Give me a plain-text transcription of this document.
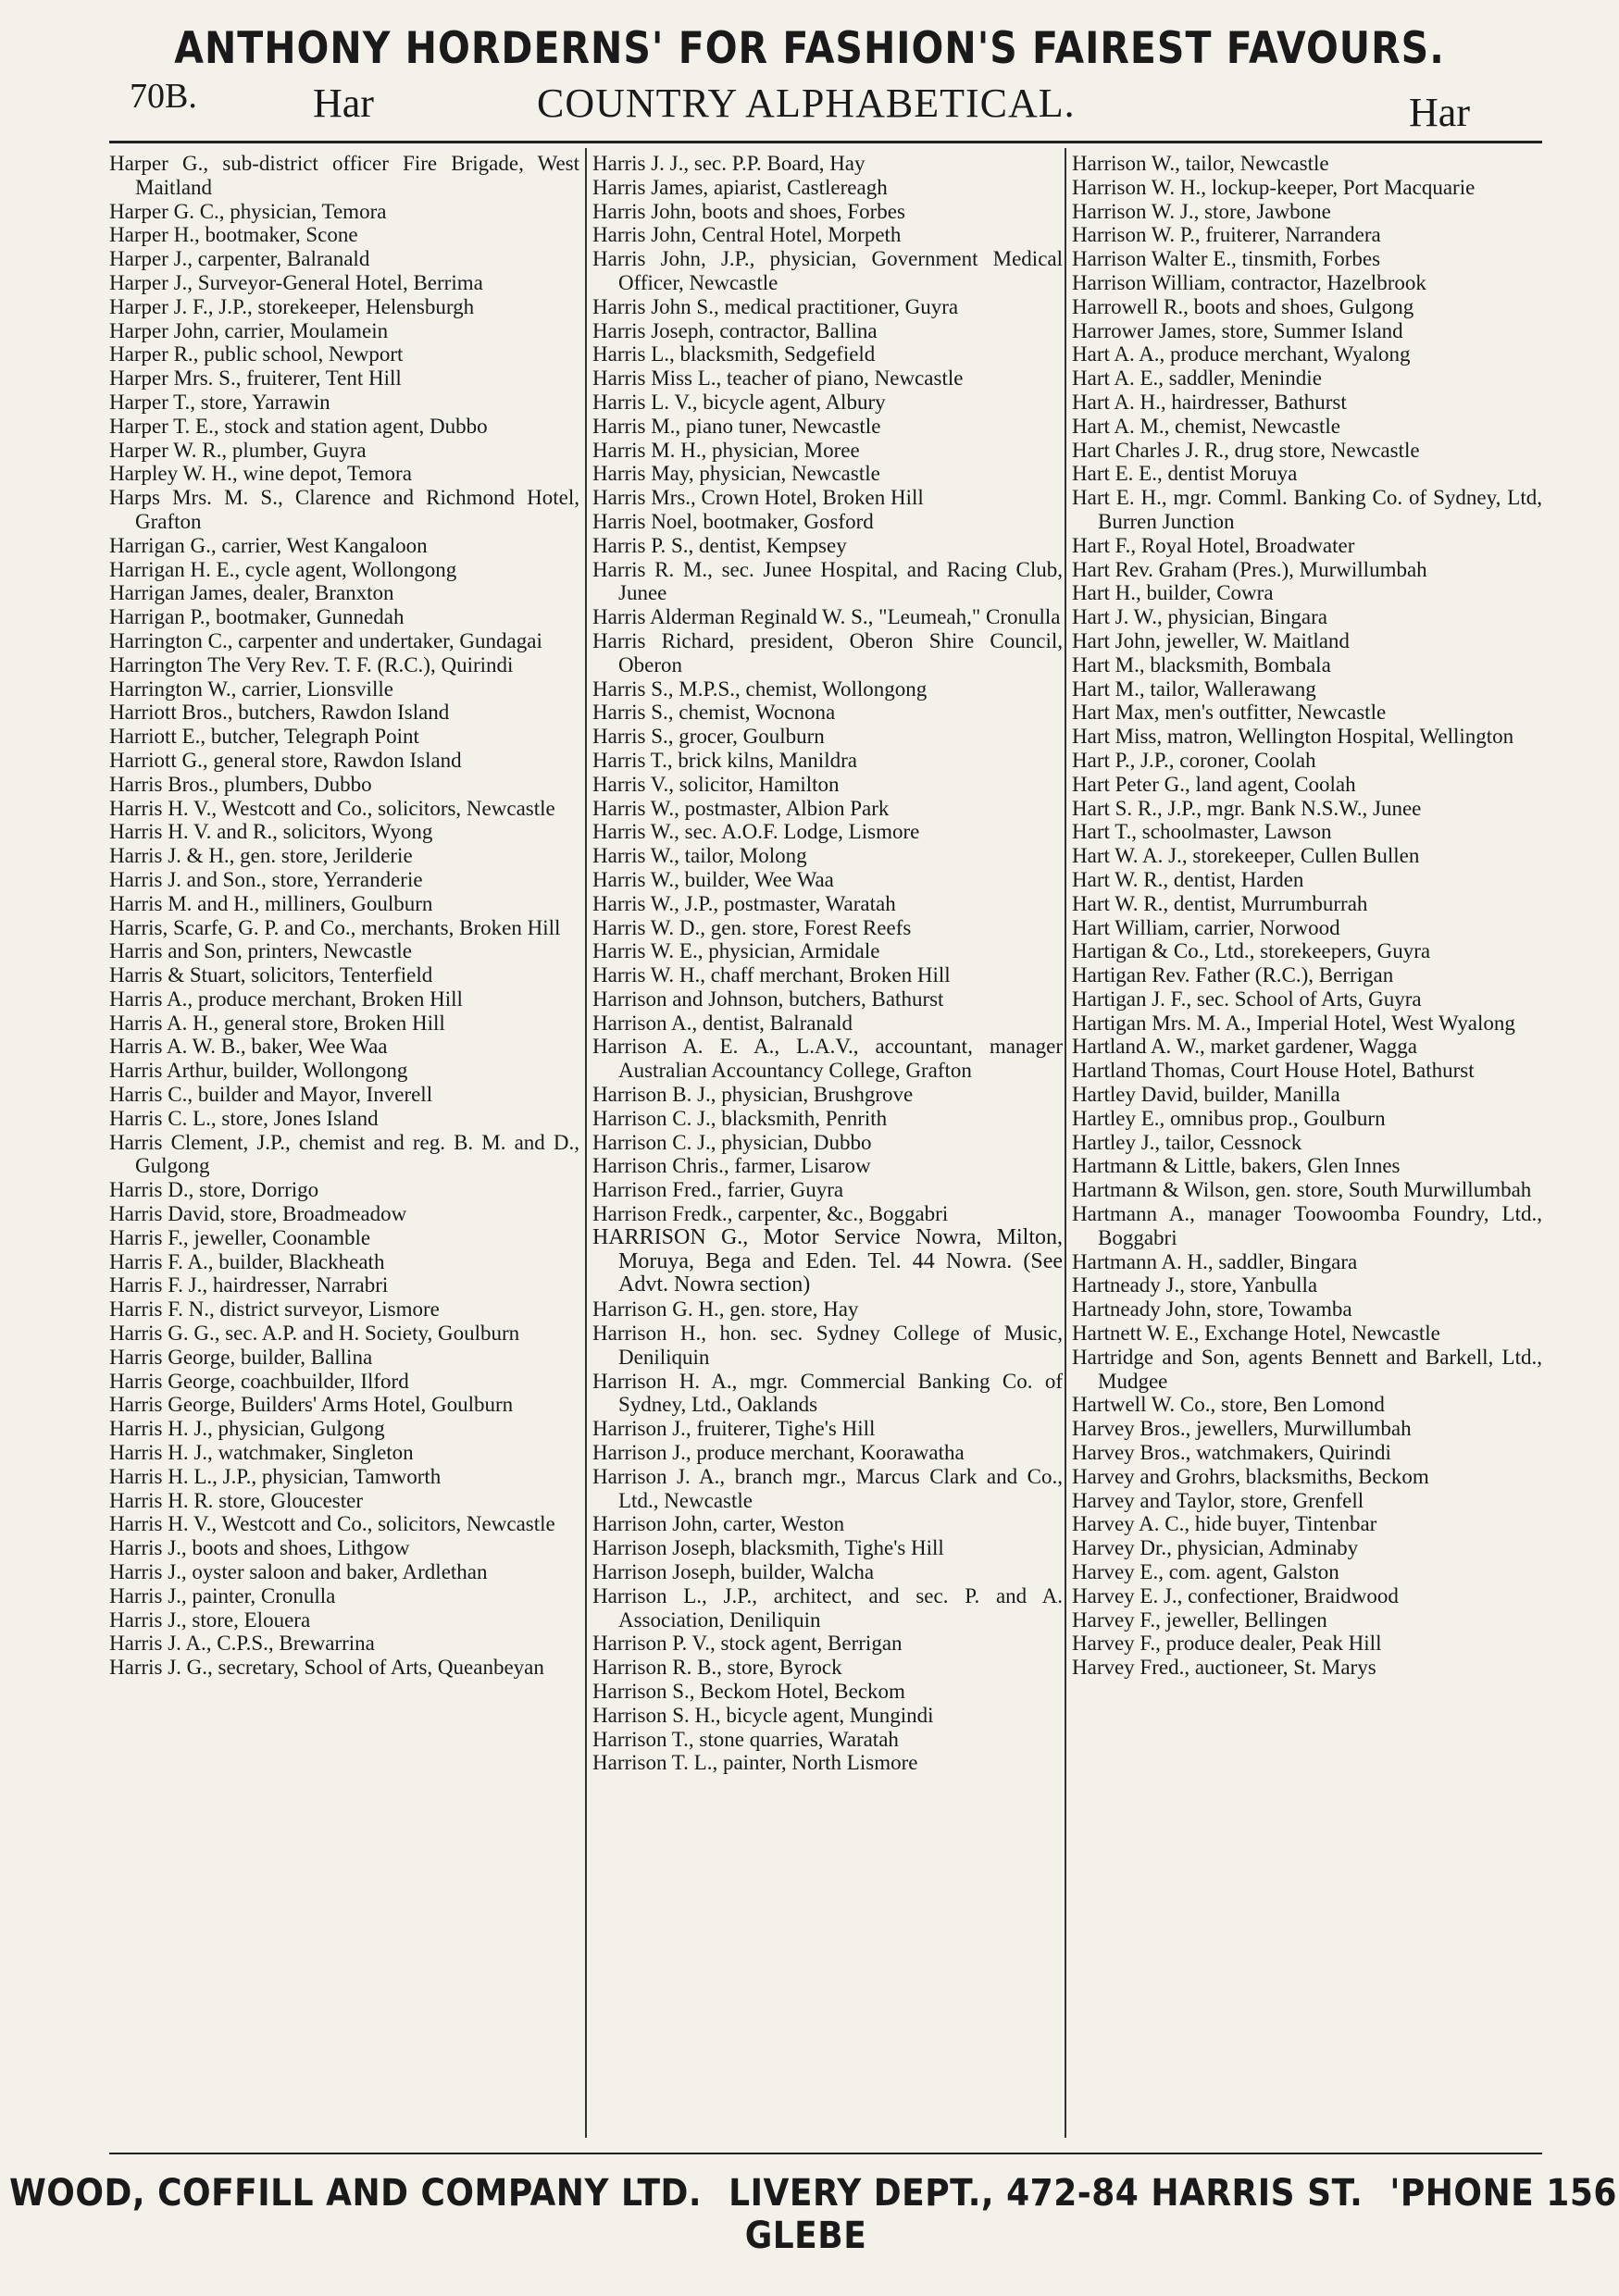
ANTHONY HORDERNS' FOR FASHION'S FAIREST FAVOURS.
70B.	Har	COUNTRY ALPHABETICAL.	Har

Harper G., sub-district officer Fire Brigade, West Maitland

Harper G. C., physician, Temora

Harper H., bootmaker, Scone

Harper J., carpenter, Balranald

Harper J., Surveyor-General Hotel, Berrima

Harper J. F., J.P., storekeeper, Helensburgh

Harper John, carrier, Moulamein

Harper R., public school, Newport

Harper Mrs. S., fruiterer, Tent Hill

Harper T., store, Yarrawin

Harper T. E., stock and station agent, Dubbo

Harper W. R., plumber, Guyra

Harpley W. H., wine depot, Temora

Harps Mrs. M. S., Clarence and Richmond Hotel, Grafton

Harrigan G., carrier, West Kangaloon

Harrigan H. E., cycle agent, Wollongong

Harrigan James, dealer, Branxton

Harrigan P., bootmaker, Gunnedah

Harrington C., carpenter and undertaker, Gundagai

Harrington The Very Rev. T. F. (R.C.), Quirindi

Harrington W., carrier, Lionsville

Harriott Bros., butchers, Rawdon Island

Harriott E., butcher, Telegraph Point

Harriott G., general store, Rawdon Island

Harris Bros., plumbers, Dubbo

Harris H. V., Westcott and Co., solicitors, Newcastle

Harris H. V. and R., solicitors, Wyong

Harris J. & H., gen. store, Jerilderie

Harris J. and Son., store, Yerranderie

Harris M. and H., milliners, Goulburn

Harris, Scarfe, G. P. and Co., merchants, Broken Hill

Harris and Son, printers, Newcastle

Harris & Stuart, solicitors, Tenterfield

Harris A., produce merchant, Broken Hill

Harris A. H., general store, Broken Hill

Harris A. W. B., baker, Wee Waa

Harris Arthur, builder, Wollongong

Harris C., builder and Mayor, Inverell

Harris C. L., store, Jones Island

Harris Clement, J.P., chemist and reg. B. M. and D., Gulgong

Harris D., store, Dorrigo

Harris David, store, Broadmeadow

Harris F., jeweller, Coonamble

Harris F. A., builder, Blackheath

Harris F. J., hairdresser, Narrabri

Harris F. N., district surveyor, Lismore

Harris G. G., sec. A.P. and H. Society, Goulburn

Harris George, builder, Ballina

Harris George, coachbuilder, Ilford

Harris George, Builders' Arms Hotel, Goulburn

Harris H. J., physician, Gulgong

Harris H. J., watchmaker, Singleton

Harris H. L., J.P., physician, Tamworth

Harris H. R. store, Gloucester

Harris H. V., Westcott and Co., solicitors, Newcastle

Harris J., boots and shoes, Lithgow

Harris J., oyster saloon and baker, Ardlethan

Harris J., painter, Cronulla

Harris J., store, Elouera

Harris J. A., C.P.S., Brewarrina

Harris J. G., secretary, School of Arts, Queanbeyan

Harris J. J., sec. P.P. Board, Hay

Harris James, apiarist, Castlereagh

Harris John, boots and shoes, Forbes

Harris John, Central Hotel, Morpeth

Harris John, J.P., physician, Government Medical Officer, Newcastle

Harris John S., medical practitioner, Guyra

Harris Joseph, contractor, Ballina

Harris L., blacksmith, Sedgefield

Harris Miss L., teacher of piano, Newcastle

Harris L. V., bicycle agent, Albury

Harris M., piano tuner, Newcastle

Harris M. H., physician, Moree

Harris May, physician, Newcastle

Harris Mrs., Crown Hotel, Broken Hill

Harris Noel, bootmaker, Gosford

Harris P. S., dentist, Kempsey

Harris R. M., sec. Junee Hospital, and Racing Club, Junee

Harris Alderman Reginald W. S., "Leumeah," Cronulla

Harris Richard, president, Oberon Shire Council, Oberon

Harris S., M.P.S., chemist, Wollongong

Harris S., chemist, Wocnona

Harris S., grocer, Goulburn

Harris T., brick kilns, Manildra

Harris V., solicitor, Hamilton

Harris W., postmaster, Albion Park

Harris W., sec. A.O.F. Lodge, Lismore

Harris W., tailor, Molong

Harris W., builder, Wee Waa

Harris W., J.P., postmaster, Waratah

Harris W. D., gen. store, Forest Reefs

Harris W. E., physician, Armidale

Harris W. H., chaff merchant, Broken Hill

Harrison and Johnson, butchers, Bathurst

Harrison A., dentist, Balranald

Harrison A. E. A., L.A.V., accountant, manager Australian Accountancy College, Grafton

Harrison B. J., physician, Brushgrove

Harrison C. J., blacksmith, Penrith

Harrison C. J., physician, Dubbo

Harrison Chris., farmer, Lisarow

Harrison Fred., farrier, Guyra

Harrison Fredk., carpenter, &c., Boggabri

HARRISON G., Motor Service Nowra, Milton, Moruya, Bega and Eden. Tel. 44 Nowra. (See Advt. Nowra section)

Harrison G. H., gen. store, Hay

Harrison H., hon. sec. Sydney College of Music, Deniliquin

Harrison H. A., mgr. Commercial Banking Co. of Sydney, Ltd., Oaklands

Harrison J., fruiterer, Tighe's Hill

Harrison J., produce merchant, Koorawatha

Harrison J. A., branch mgr., Marcus Clark and Co., Ltd., Newcastle

Harrison John, carter, Weston

Harrison Joseph, blacksmith, Tighe's Hill

Harrison Joseph, builder, Walcha

Harrison L., J.P., architect, and sec. P. and A. Association, Deniliquin

Harrison P. V., stock agent, Berrigan

Harrison R. B., store, Byrock

Harrison S., Beckom Hotel, Beckom

Harrison S. H., bicycle agent, Mungindi

Harrison T., stone quarries, Waratah

Harrison T. L., painter, North Lismore

Harrison W., tailor, Newcastle

Harrison W. H., lockup-keeper, Port Macquarie

Harrison W. J., store, Jawbone

Harrison W. P., fruiterer, Narrandera

Harrison Walter E., tinsmith, Forbes

Harrison William, contractor, Hazelbrook

Harrowell R., boots and shoes, Gulgong

Harrower James, store, Summer Island

Hart A. A., produce merchant, Wyalong

Hart A. E., saddler, Menindie

Hart A. H., hairdresser, Bathurst

Hart A. M., chemist, Newcastle

Hart Charles J. R., drug store, Newcastle

Hart E. E., dentist Moruya

Hart E. H., mgr. Comml. Banking Co. of Sydney, Ltd, Burren Junction

Hart F., Royal Hotel, Broadwater

Hart Rev. Graham (Pres.), Murwillumbah

Hart H., builder, Cowra

Hart J. W., physician, Bingara

Hart John, jeweller, W. Maitland

Hart M., blacksmith, Bombala

Hart M., tailor, Wallerawang

Hart Max, men's outfitter, Newcastle

Hart Miss, matron, Wellington Hospital, Wellington

Hart P., J.P., coroner, Coolah

Hart Peter G., land agent, Coolah

Hart S. R., J.P., mgr. Bank N.S.W., Junee

Hart T., schoolmaster, Lawson

Hart W. A. J., storekeeper, Cullen Bullen

Hart W. R., dentist, Harden

Hart W. R., dentist, Murrumburrah

Hart William, carrier, Norwood

Hartigan & Co., Ltd., storekeepers, Guyra

Hartigan Rev. Father (R.C.), Berrigan

Hartigan J. F., sec. School of Arts, Guyra

Hartigan Mrs. M. A., Imperial Hotel, West Wyalong

Hartland A. W., market gardener, Wagga

Hartland Thomas, Court House Hotel, Bathurst

Hartley David, builder, Manilla

Hartley E., omnibus prop., Goulburn

Hartley J., tailor, Cessnock

Hartmann & Little, bakers, Glen Innes

Hartmann & Wilson, gen. store, South Murwillumbah

Hartmann A., manager Toowoomba Foundry, Ltd., Boggabri

Hartmann A. H., saddler, Bingara

Hartneady J., store, Yanbulla

Hartneady John, store, Towamba

Hartnett W. E., Exchange Hotel, Newcastle

Hartridge and Son, agents Bennett and Barkell, Ltd., Mudgee

Hartwell W. Co., store, Ben Lomond

Harvey Bros., jewellers, Murwillumbah

Harvey Bros., watchmakers, Quirindi

Harvey and Grohrs, blacksmiths, Beckom

Harvey and Taylor, store, Grenfell

Harvey A. C., hide buyer, Tintenbar

Harvey Dr., physician, Adminaby

Harvey E., com. agent, Galston

Harvey E. J., confectioner, Braidwood

Harvey F., jeweller, Bellingen

Harvey F., produce dealer, Peak Hill

Harvey Fred., auctioneer, St. Marys

WOOD, COFFILL AND COMPANY LTD. LIVERY DEPT., 472-84 HARRIS ST. 'PHONE 156 GLEBE
